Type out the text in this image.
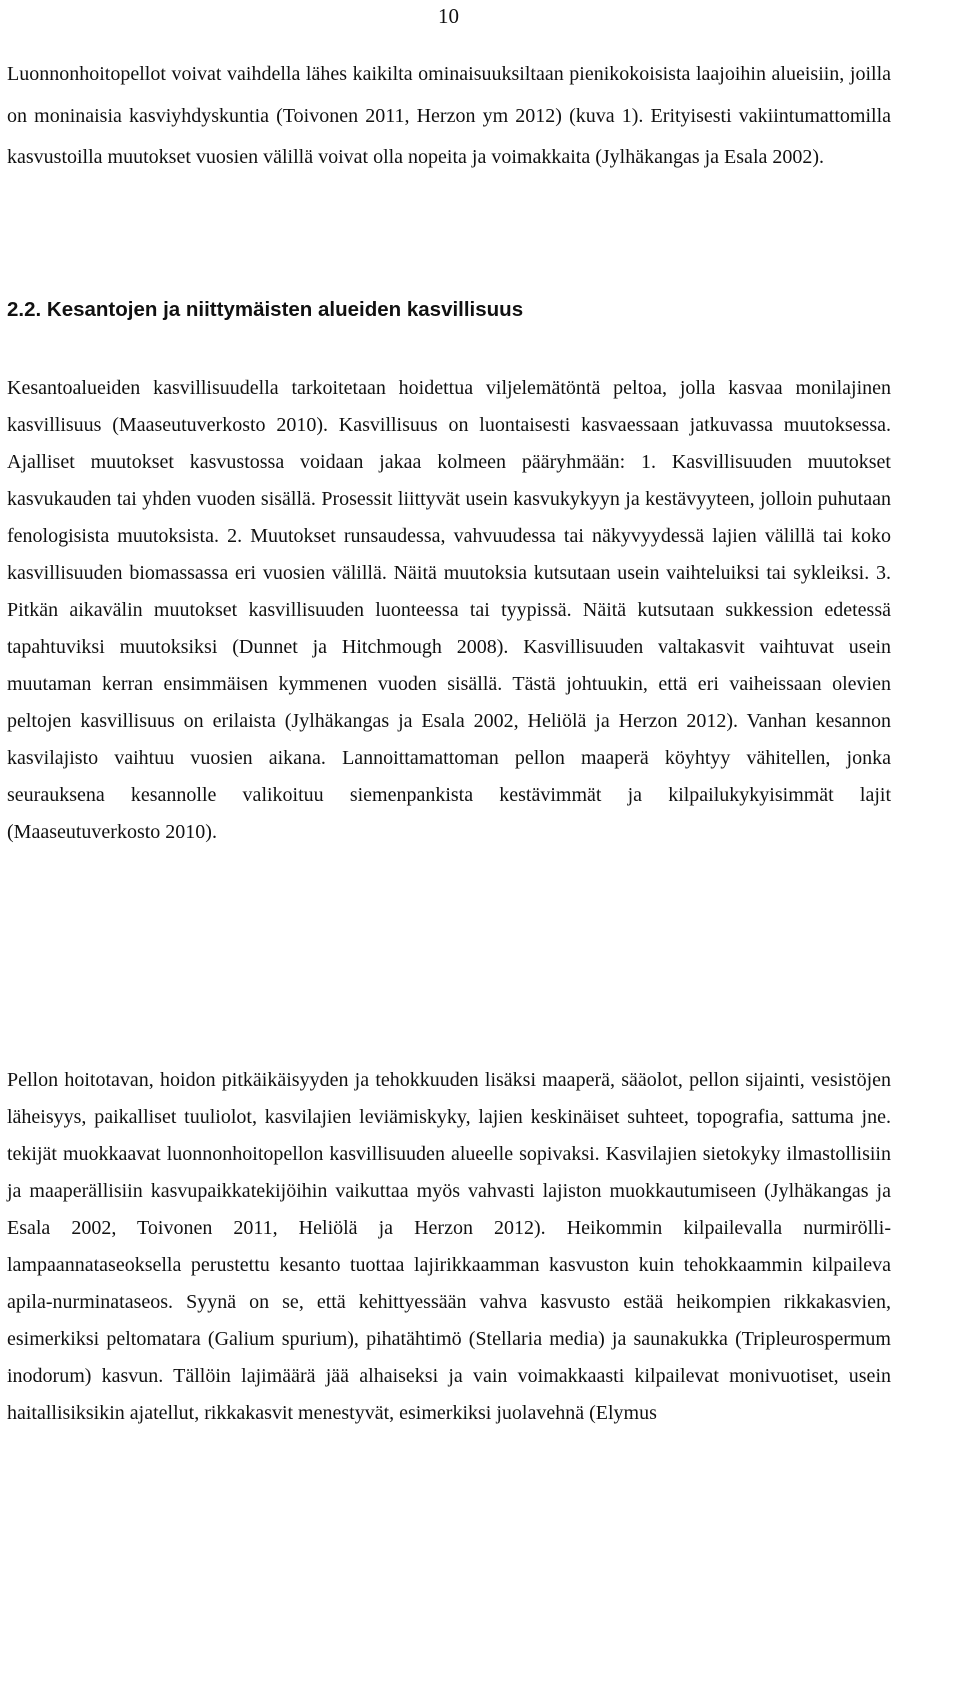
10

Luonnonhoitopellot voivat vaihdella lähes kaikilta ominaisuuksiltaan pienikokoisista laajoihin alueisiin, joilla on moninaisia kasviyhdyskuntia (Toivonen 2011, Herzon ym 2012) (kuva 1). Erityisesti vakiintumattomilla kasvustoilla muutokset vuosien välillä voivat olla nopeita ja voimakkaita (Jylhäkangas ja Esala 2002).

2.2. Kesantojen ja niittymäisten alueiden kasvillisuus

Kesantoalueiden kasvillisuudella tarkoitetaan hoidettua viljelemätöntä peltoa, jolla kasvaa monilajinen kasvillisuus (Maaseutuverkosto 2010). Kasvillisuus on luontaisesti kasvaessaan jatkuvassa muutoksessa. Ajalliset muutokset kasvustossa voidaan jakaa kolmeen pääryhmään: 1. Kasvillisuuden muutokset kasvukauden tai yhden vuoden sisällä. Prosessit liittyvät usein kasvukykyyn ja kestävyyteen, jolloin puhutaan fenologisista muutoksista. 2. Muutokset runsaudessa, vahvuudessa tai näkyvyydessä lajien välillä tai koko kasvillisuuden biomassassa eri vuosien välillä. Näitä muutoksia kutsutaan usein vaihteluiksi tai sykleiksi. 3. Pitkän aikavälin muutokset kasvillisuuden luonteessa tai tyypissä. Näitä kutsutaan sukkession edetessä tapahtuviksi muutoksiksi (Dunnet ja Hitchmough 2008). Kasvillisuuden valtakasvit vaihtuvat usein muutaman kerran ensimmäisen kymmenen vuoden sisällä. Tästä johtuukin, että eri vaiheissaan olevien peltojen kasvillisuus on erilaista (Jylhäkangas ja Esala 2002, Heliölä ja Herzon 2012). Vanhan kesannon kasvilajisto vaihtuu vuosien aikana. Lannoittamattoman pellon maaperä köyhtyy vähitellen, jonka seurauksena kesannolle valikoituu siemenpankista kestävimmät ja kilpailukykyisimmät lajit (Maaseutuverkosto 2010).

Pellon hoitotavan, hoidon pitkäikäisyyden ja tehokkuuden lisäksi maaperä, sääolot, pellon sijainti, vesistöjen läheisyys, paikalliset tuuliolot, kasvilajien leviämiskyky, lajien keskinäiset suhteet, topografia, sattuma jne. tekijät muokkaavat luonnonhoitopellon kasvillisuuden alueelle sopivaksi. Kasvilajien sietokyky ilmastollisiin ja maaperällisiin kasvupaikkatekijöihin vaikuttaa myös vahvasti lajiston muokkautumiseen (Jylhäkangas ja Esala 2002, Toivonen 2011, Heliölä ja Herzon 2012). Heikommin kilpailevalla nurmirölli-lampaannataseoksella perustettu kesanto tuottaa lajirikkaamman kasvuston kuin tehokkaammin kilpaileva apila-nurminataseos. Syynä on se, että kehittyessään vahva kasvusto estää heikompien rikkakasvien, esimerkiksi peltomatara (Galium spurium), pihatähtimö (Stellaria media) ja saunakukka (Tripleurospermum inodorum) kasvun. Tällöin lajimäärä jää alhaiseksi ja vain voimakkaasti kilpailevat monivuotiset, usein haitallisiksikin ajatellut, rikkakasvit menestyvät, esimerkiksi juolavehnä (Elymus
